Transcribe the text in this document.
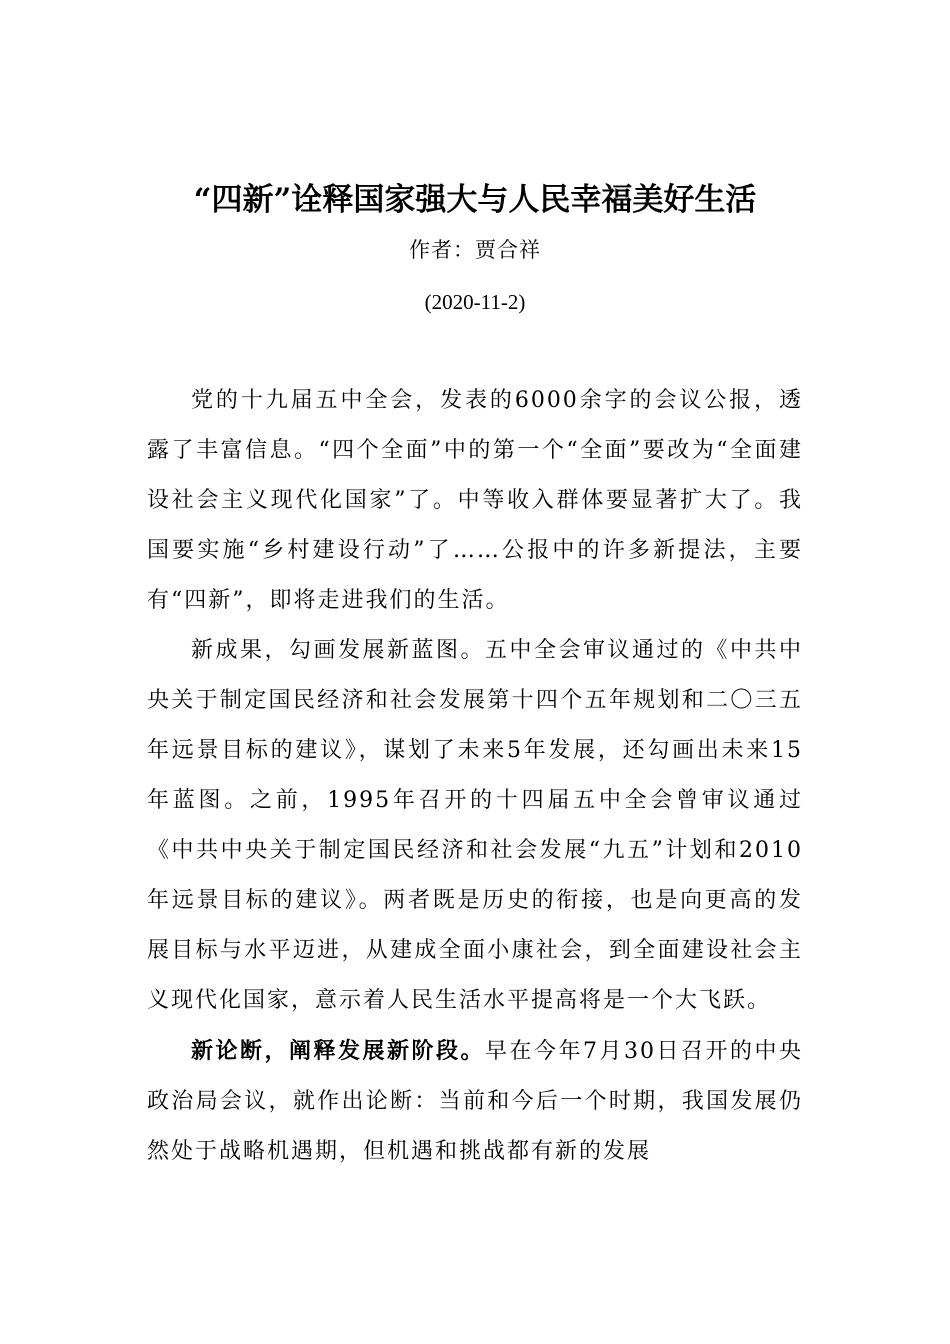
“四新”诠释国家强大与人民幸福美好生活
作者：贾合祥
(2020-11-2)

党的十九届五中全会，发表的6000余字的会议公报，透露了丰富信息。“四个全面”中的第一个“全面”要改为“全面建设社会主义现代化国家”了。中等收入群体要显著扩大了。我国要实施“乡村建设行动”了……公报中的许多新提法，主要有“四新”，即将走进我们的生活。

新成果，勾画发展新蓝图。五中全会审议通过的《中共中央关于制定国民经济和社会发展第十四个五年规划和二〇三五年远景目标的建议》，谋划了未来5年发展，还勾画出未来15年蓝图。之前，1995年召开的十四届五中全会曾审议通过《中共中央关于制定国民经济和社会发展“九五”计划和2010年远景目标的建议》。两者既是历史的衔接，也是向更高的发展目标与水平迈进，从建成全面小康社会，到全面建设社会主义现代化国家，意示着人民生活水平提高将是一个大飞跃。

新论断，阐释发展新阶段。早在今年7月30日召开的中央政治局会议，就作出论断：当前和今后一个时期，我国发展仍然处于战略机遇期，但机遇和挑战都有新的发展
